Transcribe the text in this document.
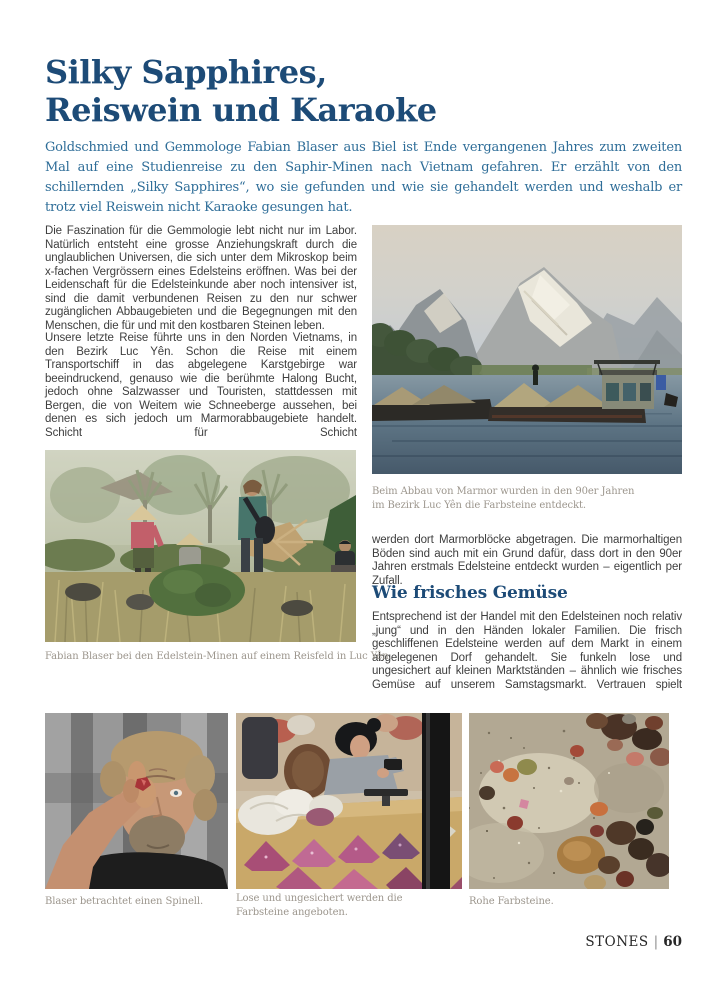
Silky Sapphires,
Reiswein und Karaoke
Goldschmied und Gemmologe Fabian Blaser aus Biel ist Ende vergangenen Jahres zum zweiten Mal auf eine Studienreise zu den Saphir-Minen nach Vietnam gefahren. Er erzählt von den schillernden „Silky Sapphires“, wo sie gefunden und wie sie gehandelt werden und weshalb er trotz viel Reiswein nicht Karaoke gesungen hat.
Die Faszination für die Gemmologie lebt nicht nur im Labor. Natürlich entsteht eine grosse Anziehungskraft durch die unglaublichen Universen, die sich unter dem Mikroskop beim x-fachen Vergrössern eines Edelsteins eröffnen. Was bei der Leidenschaft für die Edelsteinkunde aber noch intensiver ist, sind die damit verbundenen Reisen zu den nur schwer zugänglichen Abbaugebieten und die Begegnungen mit den Menschen, die für und mit den kostbaren Steinen leben.
Unsere letzte Reise führte uns in den Norden Vietnams, in den Bezirk Luc Yên. Schon die Reise mit einem Transportschiff in das abgelegene Karstgebirge war beeindruckend, genauso wie die berühmte Halong Bucht, jedoch ohne Salzwasser und Touristen, stattdessen mit Bergen, die von Weitem wie Schneeberge aussehen, bei denen es sich jedoch um Marmorabbaugebiete handelt. Schicht für Schicht
Beim Abbau von Marmor wurden in den 90er Jahren
im Bezirk Luc Yên die Farbsteine entdeckt.
werden dort Marmorblöcke abgetragen. Die marmorhaltigen Böden sind auch mit ein Grund dafür, dass dort in den 90er Jahren erstmals Edelsteine entdeckt wurden – eigentlich per Zufall.
Wie frisches Gemüse
Entsprechend ist der Handel mit den Edelsteinen noch relativ „jung“ und in den Händen lokaler Familien. Die frisch geschliffenen Edelsteine werden auf dem Markt in einem abgelegenen Dorf gehandelt. Sie funkeln lose und ungesichert auf kleinen Marktständen – ähnlich wie frisches Gemüse auf unserem Samstagsmarkt. Vertrauen spielt
Fabian Blaser bei den Edelstein-Minen auf einem Reisfeld in Luc Yên.
Blaser betrachtet einen Spinell.	Lose und ungesichert werden die
Farbsteine angeboten.
Rohe Farbsteine.
STONES | 60
